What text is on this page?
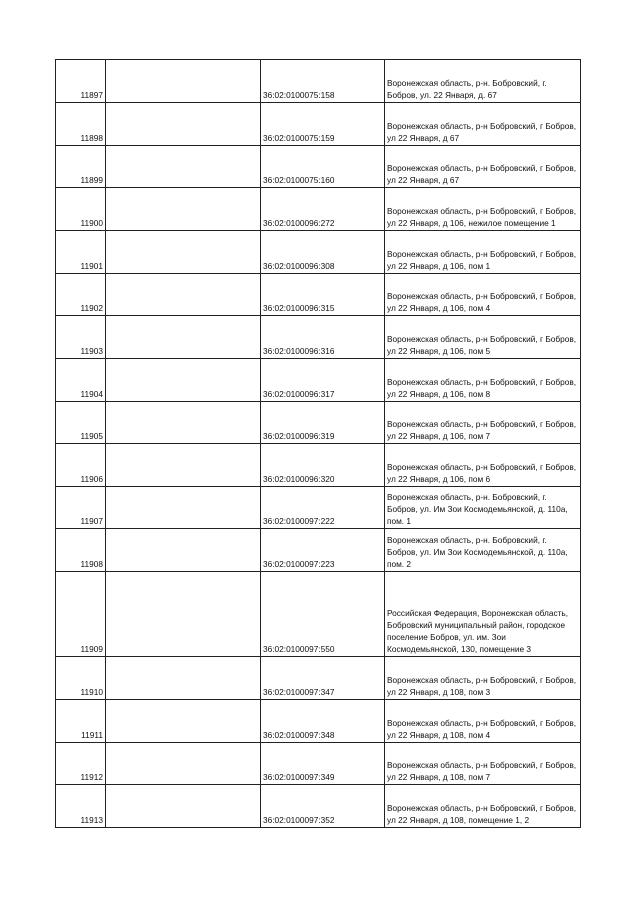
11897		36:02:0100075:158	Воронежская область, р-н. Бобровский, г. Бобров, ул. 22 Января, д. 67
11898		36:02:0100075:159	Воронежская область, р-н Бобровский, г Бобров, ул 22 Января, д 67
11899		36:02:0100075:160	Воронежская область, р-н Бобровский, г Бобров, ул 22 Января, д 67
11900		36:02:0100096:272	Воронежская область, р-н Бобровский, г Бобров, ул 22 Января, д 106, нежилое помещение 1
11901		36:02:0100096:308	Воронежская область, р-н Бобровский, г Бобров, ул 22 Января, д 106, пом 1
11902		36:02:0100096:315	Воронежская область, р-н Бобровский, г Бобров, ул 22 Января, д 106, пом 4
11903		36:02:0100096:316	Воронежская область, р-н Бобровский, г Бобров, ул 22 Января, д 106, пом 5
11904		36:02:0100096:317	Воронежская область, р-н Бобровский, г Бобров, ул 22 Января, д 106, пом 8
11905		36:02:0100096:319	Воронежская область, р-н Бобровский, г Бобров, ул 22 Января, д 106, пом 7
11906		36:02:0100096:320	Воронежская область, р-н Бобровский, г Бобров, ул 22 Января, д 106, пом 6
11907		36:02:0100097:222	Воронежская область, р-н. Бобровский, г. Бобров, ул. Им Зои Космодемьянской, д. 110а, пом. 1
11908		36:02:0100097:223	Воронежская область, р-н. Бобровский, г. Бобров, ул. Им Зои Космодемьянской, д. 110а, пом. 2
11909		36:02:0100097:550	Российская Федерация, Воронежская область, Бобровский муниципальный район, городское поселение Бобров, ул. им. Зои Космодемьянской, 130, помещение 3
11910		36:02:0100097:347	Воронежская область, р-н Бобровский, г Бобров, ул 22 Января, д 108, пом 3
11911		36:02:0100097:348	Воронежская область, р-н Бобровский, г Бобров, ул 22 Января, д 108, пом 4
11912		36:02:0100097:349	Воронежская область, р-н Бобровский, г Бобров, ул 22 Января, д 108, пом 7
11913		36:02:0100097:352	Воронежская область, р-н Бобровский, г Бобров, ул 22 Января, д 108, помещение 1, 2
